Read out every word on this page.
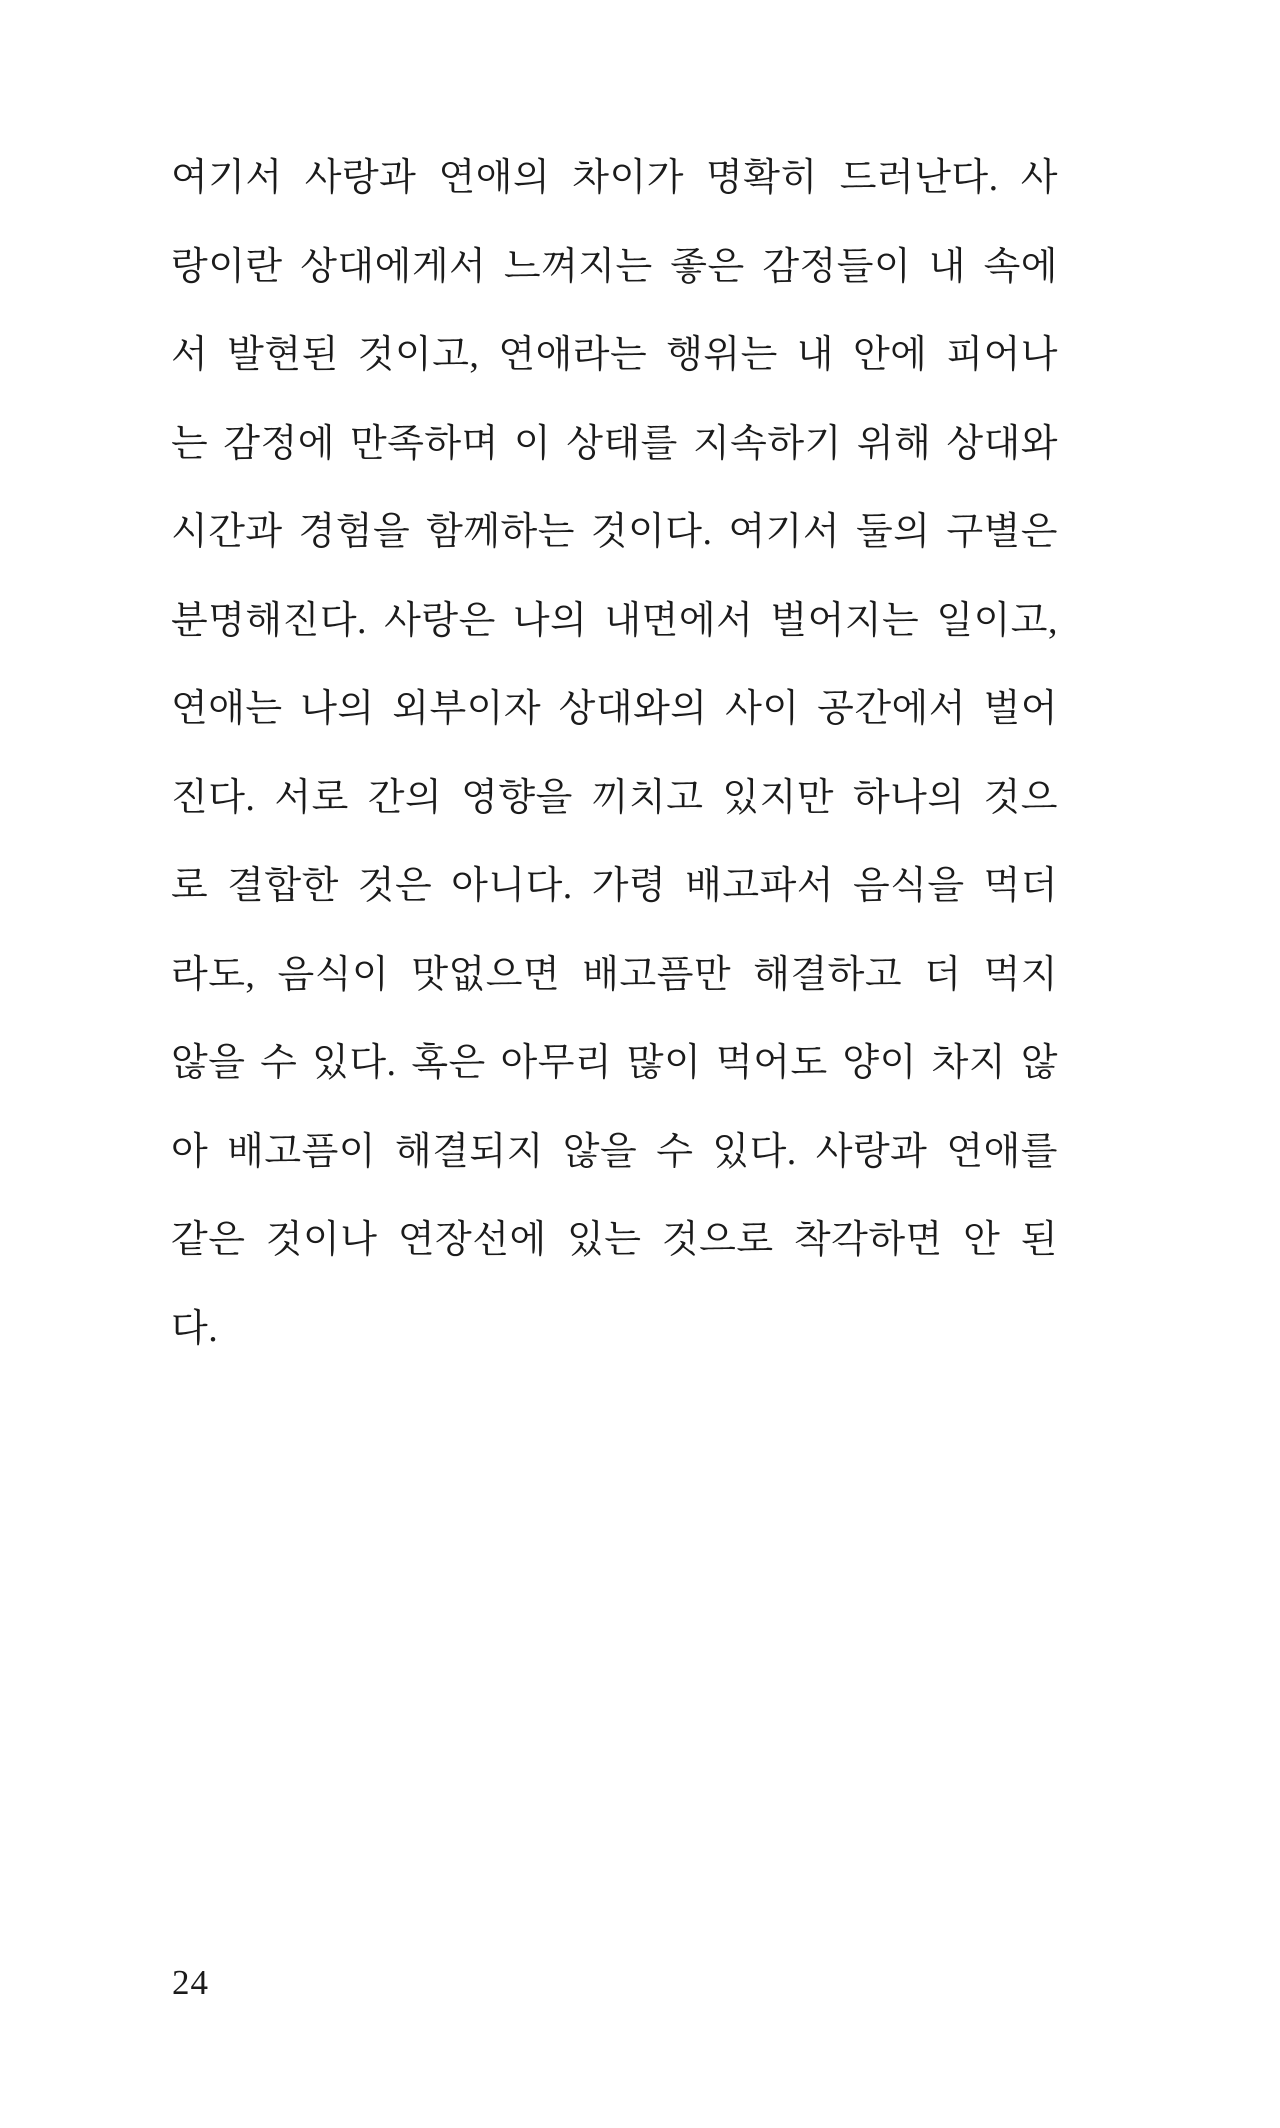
여기서 사랑과 연애의 차이가 명확히 드러난다. 사
랑이란 상대에게서 느껴지는 좋은 감정들이 내 속에
서 발현된 것이고, 연애라는 행위는 내 안에 피어나
는 감정에 만족하며 이 상태를 지속하기 위해 상대와
시간과 경험을 함께하는 것이다. 여기서 둘의 구별은
분명해진다. 사랑은 나의 내면에서 벌어지는 일이고,
연애는 나의 외부이자 상대와의 사이 공간에서 벌어
진다. 서로 간의 영향을 끼치고 있지만 하나의 것으
로 결합한 것은 아니다. 가령 배고파서 음식을 먹더
라도, 음식이 맛없으면 배고픔만 해결하고 더 먹지
않을 수 있다. 혹은 아무리 많이 먹어도 양이 차지 않
아 배고픔이 해결되지 않을 수 있다. 사랑과 연애를
같은 것이나 연장선에 있는 것으로 착각하면 안 된
다.
24
